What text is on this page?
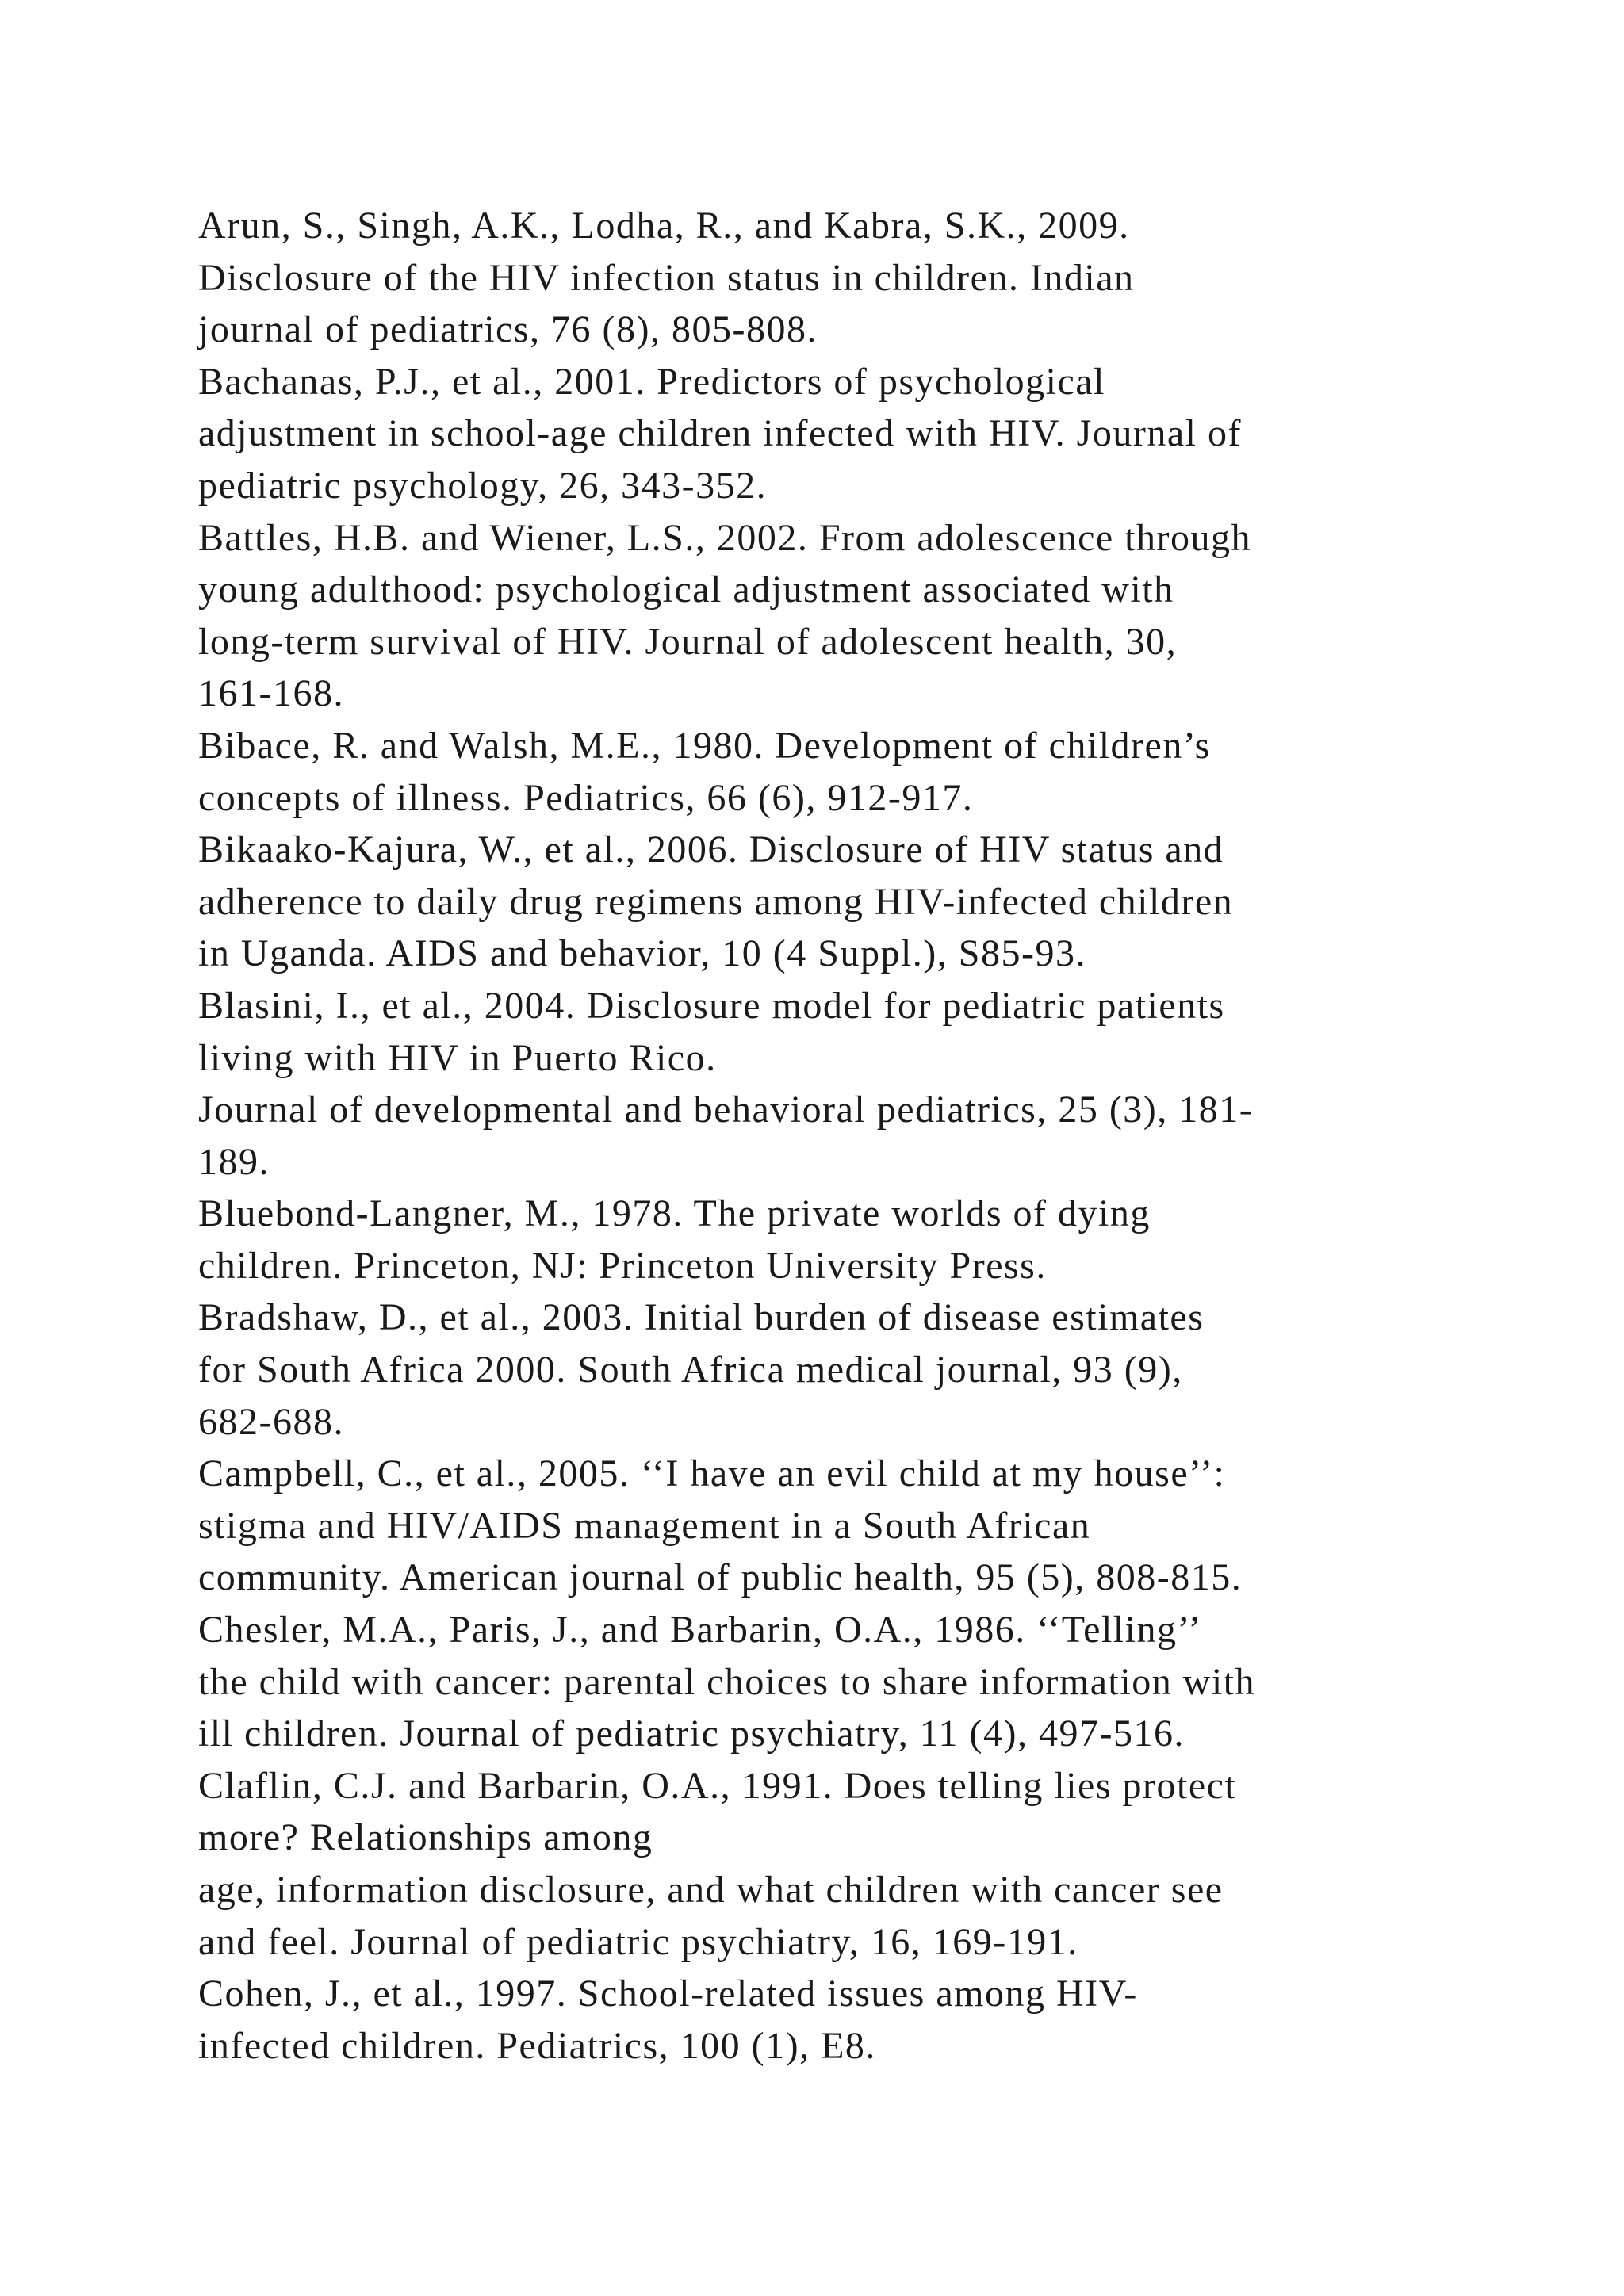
Arun, S., Singh, A.K., Lodha, R., and Kabra, S.K., 2009.
Disclosure of the HIV infection status in children. Indian
journal of pediatrics, 76 (8), 805-808.
Bachanas, P.J., et al., 2001. Predictors of psychological
adjustment in school-age children infected with HIV. Journal of
pediatric psychology, 26, 343-352.
Battles, H.B. and Wiener, L.S., 2002. From adolescence through
young adulthood: psychological adjustment associated with
long-term survival of HIV. Journal of adolescent health, 30,
161-168.
Bibace, R. and Walsh, M.E., 1980. Development of children’s
concepts of illness. Pediatrics, 66 (6), 912-917.
Bikaako-Kajura, W., et al., 2006. Disclosure of HIV status and
adherence to daily drug regimens among HIV-infected children
in Uganda. AIDS and behavior, 10 (4 Suppl.), S85-93.
Blasini, I., et al., 2004. Disclosure model for pediatric patients
living with HIV in Puerto Rico.
Journal of developmental and behavioral pediatrics, 25 (3), 181-
189.
Bluebond-Langner, M., 1978. The private worlds of dying
children. Princeton, NJ: Princeton University Press.
Bradshaw, D., et al., 2003. Initial burden of disease estimates
for South Africa 2000. South Africa medical journal, 93 (9),
682-688.
Campbell, C., et al., 2005. ‘‘I have an evil child at my house’’:
stigma and HIV/AIDS management in a South African
community. American journal of public health, 95 (5), 808-815.
Chesler, M.A., Paris, J., and Barbarin, O.A., 1986. ‘‘Telling’’
the child with cancer: parental choices to share information with
ill children. Journal of pediatric psychiatry, 11 (4), 497-516.
Claflin, C.J. and Barbarin, O.A., 1991. Does telling lies protect
more? Relationships among
age, information disclosure, and what children with cancer see
and feel. Journal of pediatric psychiatry, 16, 169-191.
Cohen, J., et al., 1997. School-related issues among HIV-
infected children. Pediatrics, 100 (1), E8.
